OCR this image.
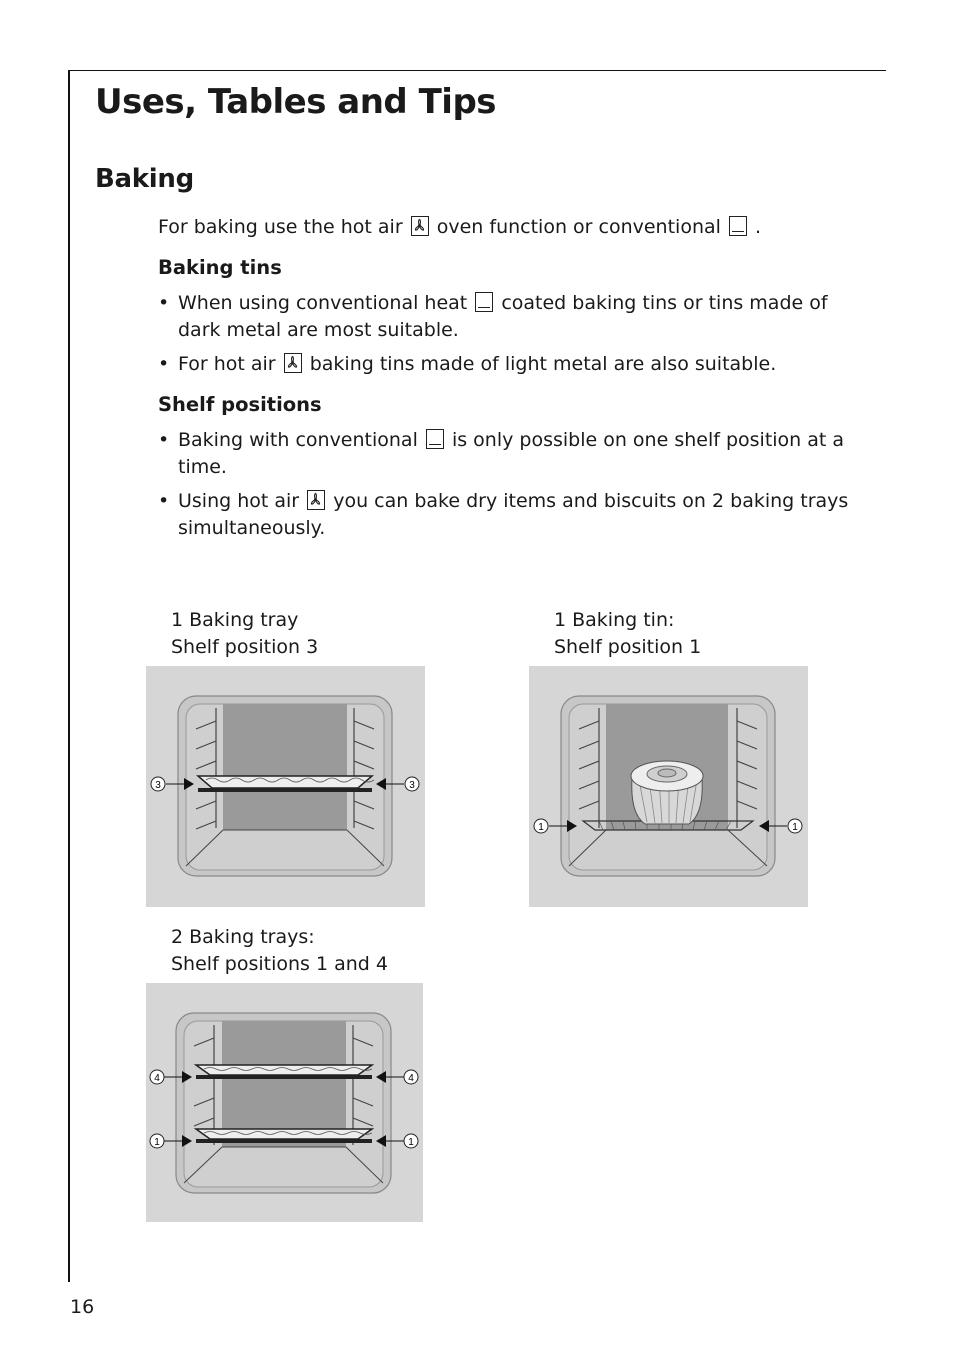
Uses, Tables and Tips
Baking
For baking use the hot air oven function or conventional .
Baking tins
• When using conventional heat coated baking tins or tins made of dark metal are most suitable.
• For hot air baking tins made of light metal are also suitable.
Shelf positions
• Baking with conventional is only possible on one shelf position at a time.
• Using hot air you can bake dry items and biscuits on 2 baking trays simultaneously.
1 Baking tray
Shelf position 3
3	3
1 Baking tin:
Shelf position 1
1	1
2 Baking trays:
Shelf positions 1 and 4
4	4
1	1
16
